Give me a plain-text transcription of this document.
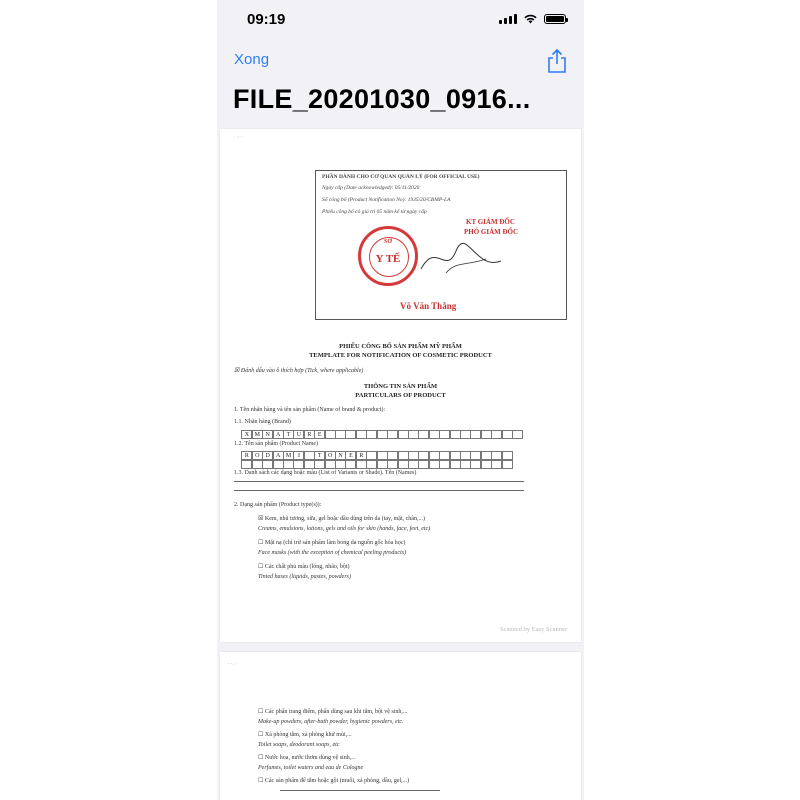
09:19
Xong
FILE_20201030_0916...
· .· ·
PHẦN DÀNH CHO CƠ QUAN QUẢN LÝ (FOR OFFICIAL USE)
Ngày cấp (Date acknowledged): 05/11/2020
Số công bố (Product Notification No): 1935/20/CBMP-LA
Phiếu công bố có giá trị 05 năm kể từ ngày cấp
KT GIÁM ĐỐC
PHÓ GIÁM ĐỐC
Y TẾ
SỞ
Võ Văn Thắng
PHIẾU CÔNG BỐ SẢN PHẨM MỸ PHẨM
TEMPLATE FOR NOTIFICATION OF COSMETIC PRODUCT
☒ Đánh dấu vào ô thích hợp (Tick, where applicable)
THÔNG TIN SẢN PHẨM
PARTICULARS OF PRODUCT
1. Tên nhãn hàng và tên sản phẩm (Name of brand & product):
1.1. Nhãn hàng (Brand)
X M N	A	T	U	R	E
1.2. Tên sản phẩm (Product Name)
R	O	D	A M	I	T	O	N	E	R
1.3. Danh sách các dạng hoặc màu (List of Variants or Shade). Tên (Names)
2. Dạng sản phẩm (Product type(s)):
☒ Kem, nhũ tương, sữa, gel hoặc dầu dùng trên da (tay, mặt, chân,...)
Creams, emulsions, lotions, gels and oils for skin (hands, face, feet, etc)
☐ Mặt nạ (chỉ trừ sản phẩm làm bong da nguồn gốc hóa học)
Face masks (with the exception of chemical peeling products)
☐ Các chất phủ màu (lỏng, nhão, bột)
Tinted bases (liquids, pastes, powders)
Scanned by Easy Scanner
· ·. ·
☐ Các phấn trang điểm, phấn dùng sau khi tắm, bột vệ sinh,...
Make-up powders, after-bath powder, hygienic powders, etc.
☐ Xà phòng tắm, xà phòng khử mùi,...
Toilet soaps, deodorant soaps, etc
☐ Nước hoa, nước thơm dùng vệ sinh,...
Perfumes, toilet waters and eau de Cologne
☐ Các sản phẩm để tắm hoặc gội (muối, xà phòng, dầu, gel,...)
